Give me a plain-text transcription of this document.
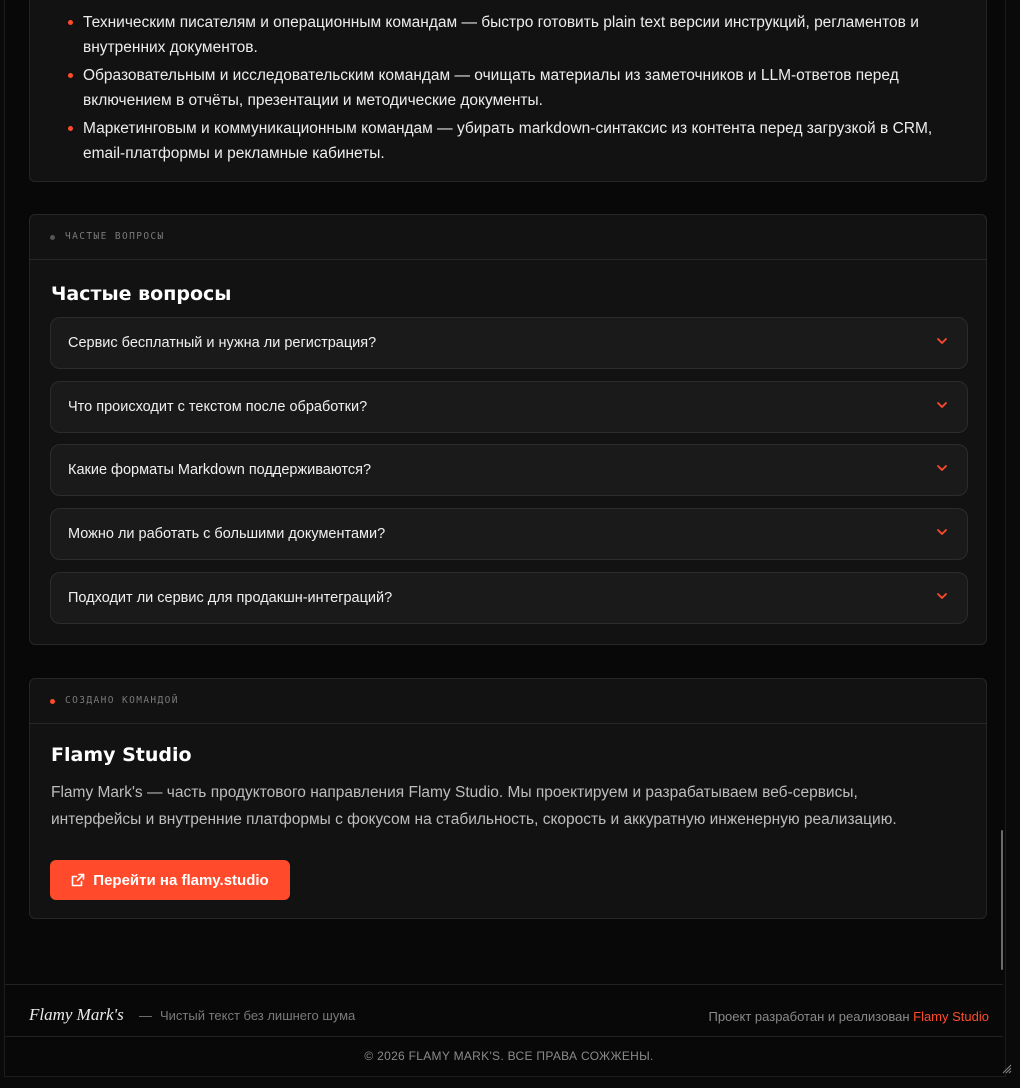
Техническим писателям и операционным командам — быстро готовить plain text версии инструкций, регламентов и внутренних документов.
Образовательным и исследовательским командам — очищать материалы из заметочников и LLM-ответов перед включением в отчёты, презентации и методические документы.
Маркетинговым и коммуникационным командам — убирать markdown-синтаксис из контента перед загрузкой в CRM, email-платформы и рекламные кабинеты.
ЧАСТЫЕ ВОПРОСЫ
Частые вопросы
Сервис бесплатный и нужна ли регистрация?
Что происходит с текстом после обработки?
Какие форматы Markdown поддерживаются?
Можно ли работать с большими документами?
Подходит ли сервис для продакшн-интеграций?
СОЗДАНО КОМАНДОЙ
Flamy Studio
Flamy Mark's — часть продуктового направления Flamy Studio. Мы проектируем и разрабатываем веб-сервисы, интерфейсы и внутренние платформы с фокусом на стабильность, скорость и аккуратную инженерную реализацию.
Перейти на flamy.studio
Flamy Mark's — Чистый текст без лишнего шума	Проект разработан и реализован Flamy Studio
© 2026 FLAMY MARK'S. ВСЕ ПРАВА СОЖЖЕНЫ.
